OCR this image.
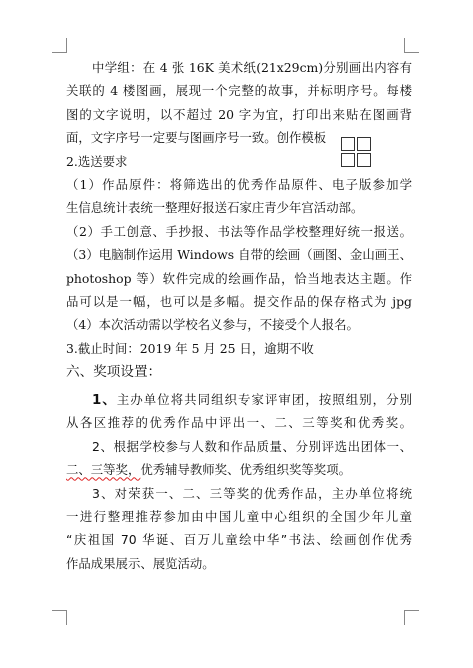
中学组：在 4 张 16K 美术纸(21x29cm)分别画出内容有
关联的 4 楼图画，展现一个完整的故事，并标明序号。每楼
图的文字说明，以不超过 20 字为宜，打印出来贴在图画背
面，文字序号一定要与图画序号一致。创作模板
2.选送要求
（1）作品原件：将筛选出的优秀作品原件、电子版参加学
生信息统计表统一整理好报送石家庄青少年宫活动部。
（2）手工创意、手抄报、书法等作品学校整理好统一报送。
（3）电脑制作运用 Windows 自带的绘画（画图、金山画王、
photoshop 等）软件完成的绘画作品，恰当地表达主题。作
品可以是一幅，也可以是多幅。提交作品的保存格式为 jpg
（4）本次活动需以学校名义参与，不接受个人报名。
3.截止时间：2019 年 5 月 25 日，逾期不收
六、奖项设置：
1、主办单位将共同组织专家评审团，按照组别，分别
从各区推荐的优秀作品中评出一、二、三等奖和优秀奖。
2、根据学校参与人数和作品质量、分别评选出团体一、
二、三等奖，优秀辅导教师奖、优秀组织奖等奖项。
3、对荣获一、二、三等奖的优秀作品，主办单位将统
一进行整理推荐参加由中国儿童中心组织的全国少年儿童
“庆祖国 70 华诞、百万儿童绘中华”书法、绘画创作优秀
作品成果展示、展览活动。
